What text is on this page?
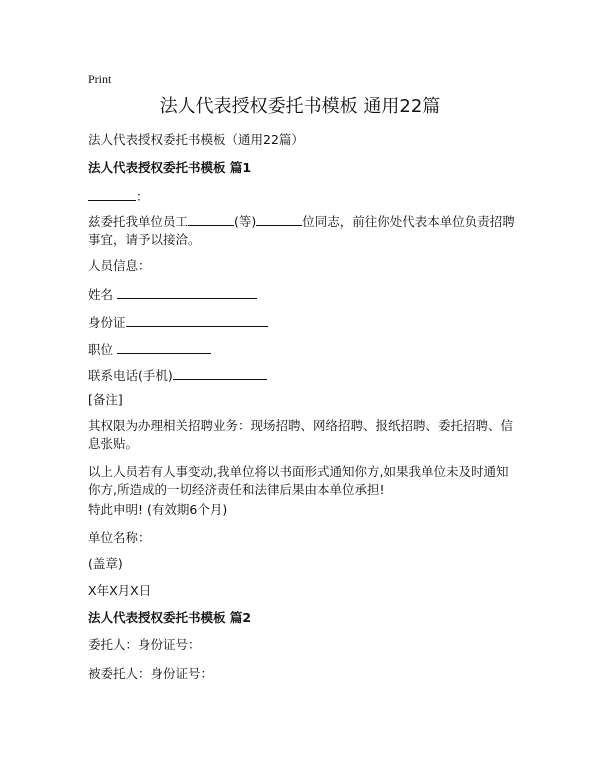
Print
法人代表授权委托书模板 通用22篇
法人代表授权委托书模板（通用22篇）
法人代表授权委托书模板 篇1
：
兹委托我单位员工	(等)	位同志，前往你处代表本单位负责招聘事宜，请予以接洽。
人员信息：
姓名
身份证
职位
联系电话(手机)
[备注]
其权限为办理相关招聘业务：现场招聘、网络招聘、报纸招聘、委托招聘、信息张贴。
以上人员若有人事变动,我单位将以书面形式通知你方,如果我单位未及时通知你方,所造成的一切经济责任和法律后果由本单位承担!
特此申明! (有效期6个月)
单位名称：
(盖章)
X年X月X日
法人代表授权委托书模板 篇2
委托人：身份证号：
被委托人：身份证号：
